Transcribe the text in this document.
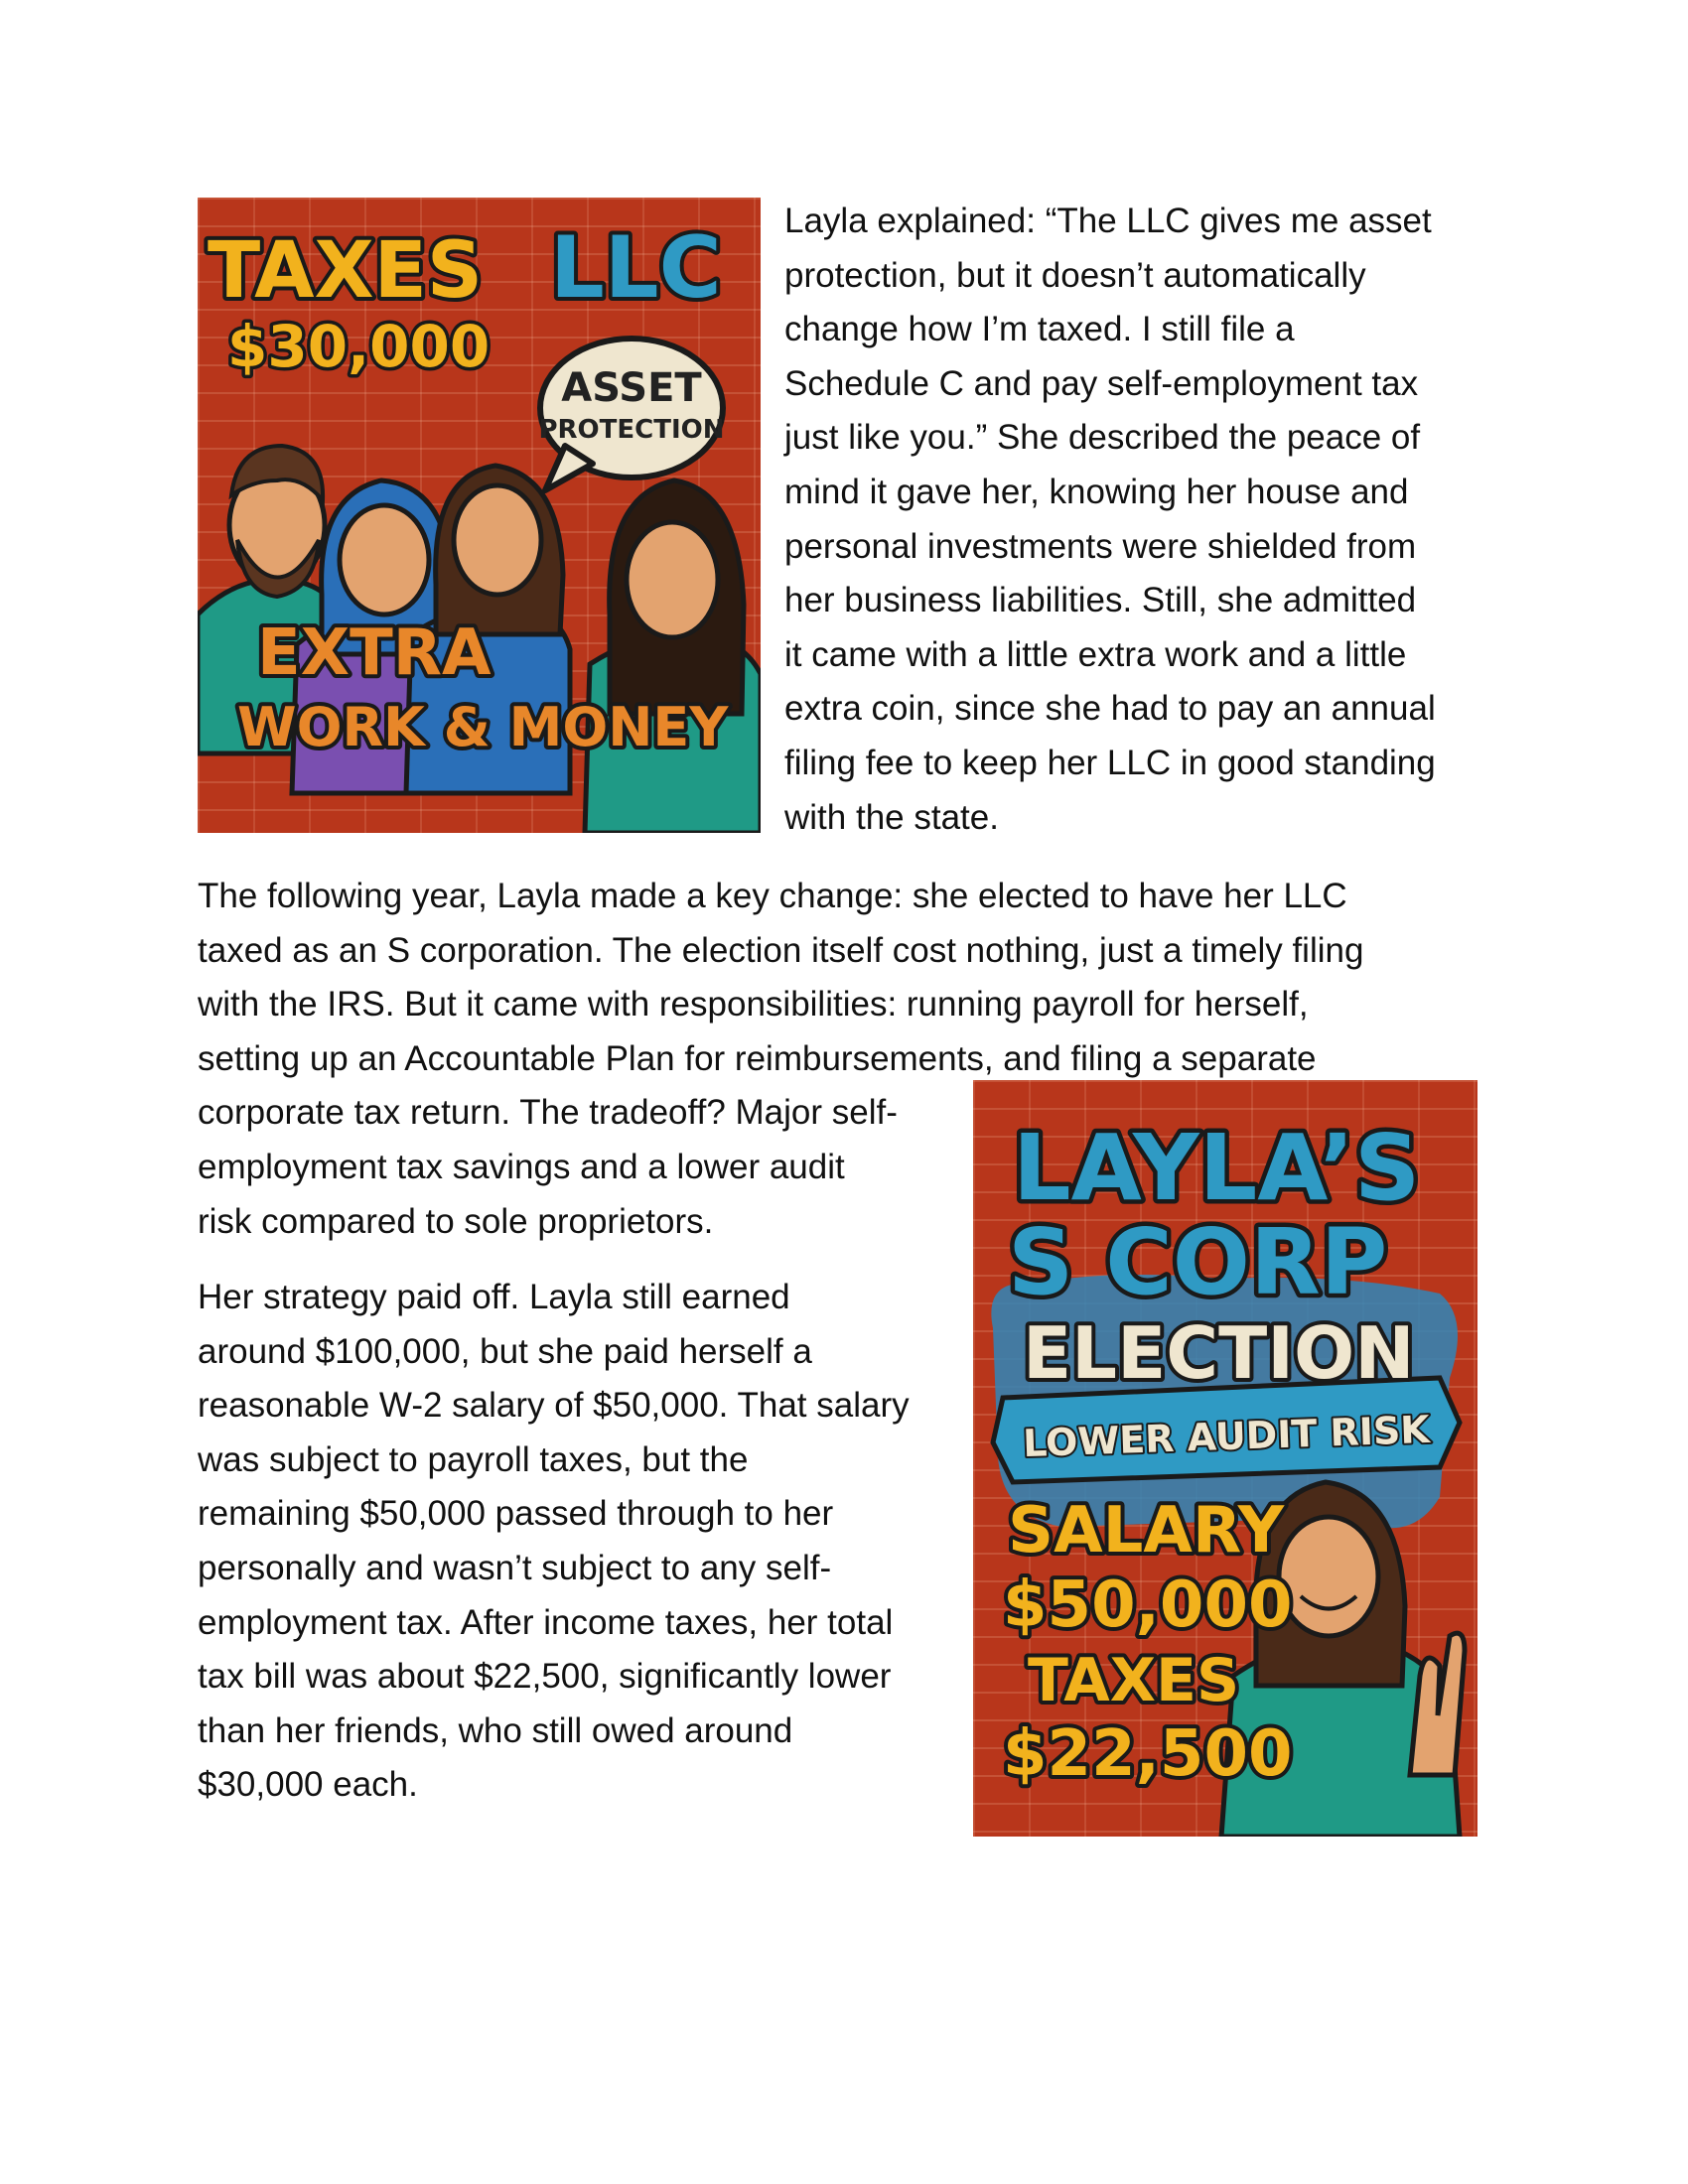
Layla explained: “The LLC gives me asset
protection, but it doesn’t automatically
change how I’m taxed. I still file a
Schedule C and pay self-employment tax
just like you.” She described the peace of
mind it gave her, knowing her house and
personal investments were shielded from
her business liabilities. Still, she admitted
it came with a little extra work and a little
extra coin, since she had to pay an annual
filing fee to keep her LLC in good standing
with the state.
The following year, Layla made a key change: she elected to have her LLC
taxed as an S corporation. The election itself cost nothing, just a timely filing
with the IRS. But it came with responsibilities: running payroll for herself,
setting up an Accountable Plan for reimbursements, and filing a separate
corporate tax return. The tradeoff? Major self-
employment tax savings and a lower audit
risk compared to sole proprietors.
Her strategy paid off. Layla still earned
around $100,000, but she paid herself a
reasonable W-2 salary of $50,000. That salary
was subject to payroll taxes, but the
remaining $50,000 passed through to her
personally and wasn’t subject to any self-
employment tax. After income taxes, her total
tax bill was about $22,500, significantly lower
than her friends, who still owed around
$30,000 each.
ASSET
PROTECTION
TAXES
$30,000
LLC
EXTRA
WORK & MONEY
LOWER AUDIT RISK
LAYLA’S
S CORP
ELECTION
SALARY
$50,000
TAXES
$22,500
